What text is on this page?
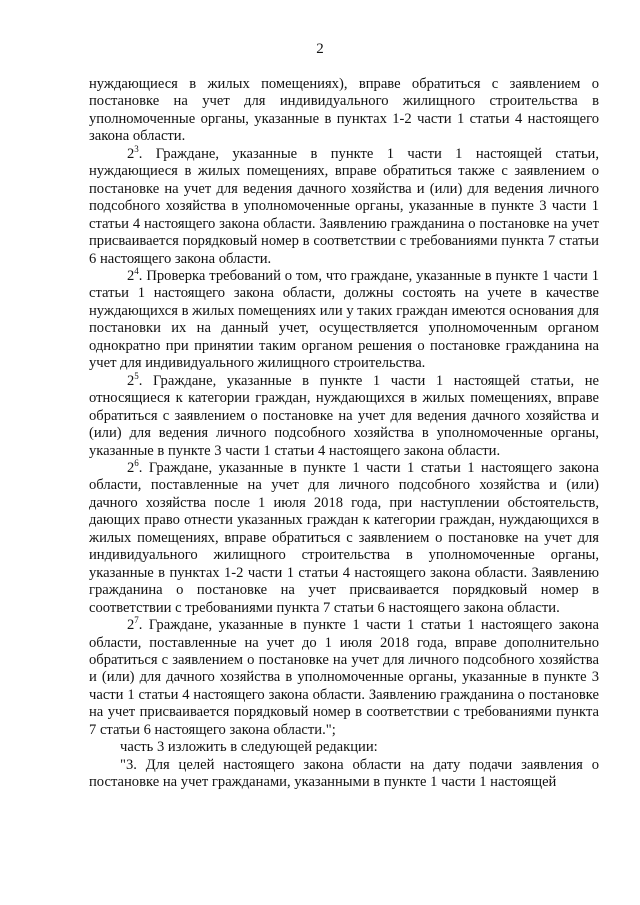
2

нуждающиеся в жилых помещениях), вправе обратиться с заявлением о постановке на учет для индивидуального жилищного строительства в уполномоченные органы, указанные в пунктах 1-2 части 1 статьи 4 настоящего закона области.

$2^3$. Граждане, указанные в пункте 1 части 1 настоящей статьи, нуждающиеся в жилых помещениях, вправе обратиться также с заявлением о постановке на учет для ведения дачного хозяйства и (или) для ведения личного подсобного хозяйства в уполномоченные органы, указанные в пункте 3 части 1 статьи 4 настоящего закона области. Заявлению гражданина о постановке на учет присваивается порядковый номер в соответствии с требованиями пункта 7 статьи 6 настоящего закона области.

$2^4$. Проверка требований о том, что граждане, указанные в пункте 1 части 1 статьи 1 настоящего закона области, должны состоять на учете в качестве нуждающихся в жилых помещениях или у таких граждан имеются основания для постановки их на данный учет, осуществляется уполномоченным органом однократно при принятии таким органом решения о постановке гражданина на учет для индивидуального жилищного строительства.

$2^5$. Граждане, указанные в пункте 1 части 1 настоящей статьи, не относящиеся к категории граждан, нуждающихся в жилых помещениях, вправе обратиться с заявлением о постановке на учет для ведения дачного хозяйства и (или) для ведения личного подсобного хозяйства в уполномоченные органы, указанные в пункте 3 части 1 статьи 4 настоящего закона области.

$2^6$. Граждане, указанные в пункте 1 части 1 статьи 1 настоящего закона области, поставленные на учет для личного подсобного хозяйства и (или) дачного хозяйства после 1 июля 2018 года, при наступлении обстоятельств, дающих право отнести указанных граждан к категории граждан, нуждающихся в жилых помещениях, вправе обратиться с заявлением о постановке на учет для индивидуального жилищного строительства в уполномоченные органы, указанные в пунктах 1-2 части 1 статьи 4 настоящего закона области. Заявлению гражданина о постановке на учет присваивается порядковый номер в соответствии с требованиями пункта 7 статьи 6 настоящего закона области.

$2^7$. Граждане, указанные в пункте 1 части 1 статьи 1 настоящего закона области, поставленные на учет до 1 июля 2018 года, вправе дополнительно обратиться с заявлением о постановке на учет для личного подсобного хозяйства и (или) для дачного хозяйства в уполномоченные органы, указанные в пункте 3 части 1 статьи 4 настоящего закона области. Заявлению гражданина о постановке на учет присваивается порядковый номер в соответствии с требованиями пункта 7 статьи 6 настоящего закона области.";

часть 3 изложить в следующей редакции:

"3. Для целей настоящего закона области на дату подачи заявления о постановке на учет гражданами, указанными в пункте 1 части 1 настоящей
